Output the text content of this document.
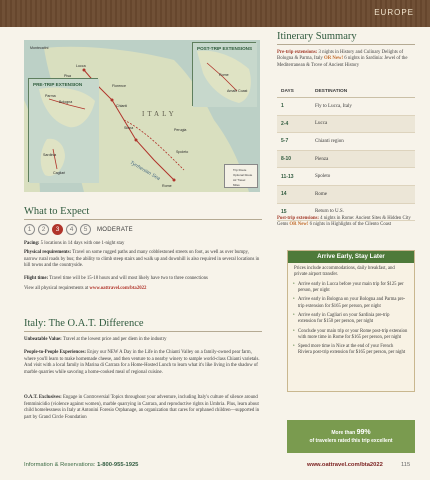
EUROPE
PRE-TRIP EXTENSION
Bologna
Parma
Sardinia
Cagliari
POST-TRIP EXTENSIONS
Rome
Amalfi Coast
Montecatini
Lucca
Pisa
Florence
Chianti
Siena	Perugia
Spoleto
Rome
ITALY
Tyrrhenian Sea	Trip Route
Optional Route
Air Travel
Miles
What to Expect
1	2	3	4	5	MODERATE
Pacing: 5 locations in 14 days with one 1-night stay
Physical requirements: Travel on some rugged paths and many cobblestoned streets on foot, as well as over bumpy, narrow rural roads by bus; the ability to climb steep stairs and walk up and downhill is also required in several locations in hill towns and the countryside.
Flight time: Travel time will be 15-18 hours and will most likely have two to three connections
View all physical requirements at www.oattravel.com/bta2022
Italy: The O.A.T. Difference
Unbeatable Value: Travel at the lowest price and per diem in the industry
People-to-People Experiences: Enjoy our NEW A Day in the Life in the Chianti Valley on a family-owned pear farm, where you'll learn to make homemade cheese, and then venture to a nearby winery to sample world-class Chianti varietals. And visit with a local family in Marina di Carrara for a Home-Hosted Lunch to learn what it's like living in the shadow of marble quarries while savoring a home-cooked meal of regional cuisine.
O.A.T. Exclusives: Engage in Controversial Topics throughout your adventure, including Italy's culture of silence around femminicidio (violence against women), marble quarrying in Carrara, and reproductive rights in Umbria. Plus, learn about child homelessness in Italy at Antonini Foresio Orphanage, an organization that cares for orphaned children—supported in part by Grand Circle Foundation
Itinerary Summary
Pre-trip extensions: 3 nights in History and Culinary Delights of Bologna & Parma, Italy OR New! 6 nights in Sardinia: Jewel of the Mediterranean & Trove of Ancient History
DAYS	DESTINATION
1	Fly to Lucca, Italy
2-4	Lucca
5-7	Chianti region
8-10	Pienza
11-13	Spoleto
14	Rome
15	Return to U.S.
Post-trip extensions: 4 nights in Rome: Ancient Sites & Hidden City Gems OR New! 6 nights in Highlights of the Cilento Coast
Arrive Early, Stay Later
Prices include accommodations, daily breakfast, and private airport transfer.
• Arrive early in Lucca before your main trip for $125 per person, per night
• Arrive early in Bologna on your Bologna and Parma pre-trip extension for $165 per person, per night
• Arrive early in Cagliari on your Sardinia pre-trip extension for $150 per person, per night
• Conclude your main trip or your Rome post-trip extension with more time in Rome for $165 per person, per night
• Spend more time in Nice at the end of your French Riviera post-trip extension for $165 per person, per night
More than 99%
of travelers rated this trip excellent
Information & Reservations: 1-800-955-1925	www.oattravel.com/bta2022	115
